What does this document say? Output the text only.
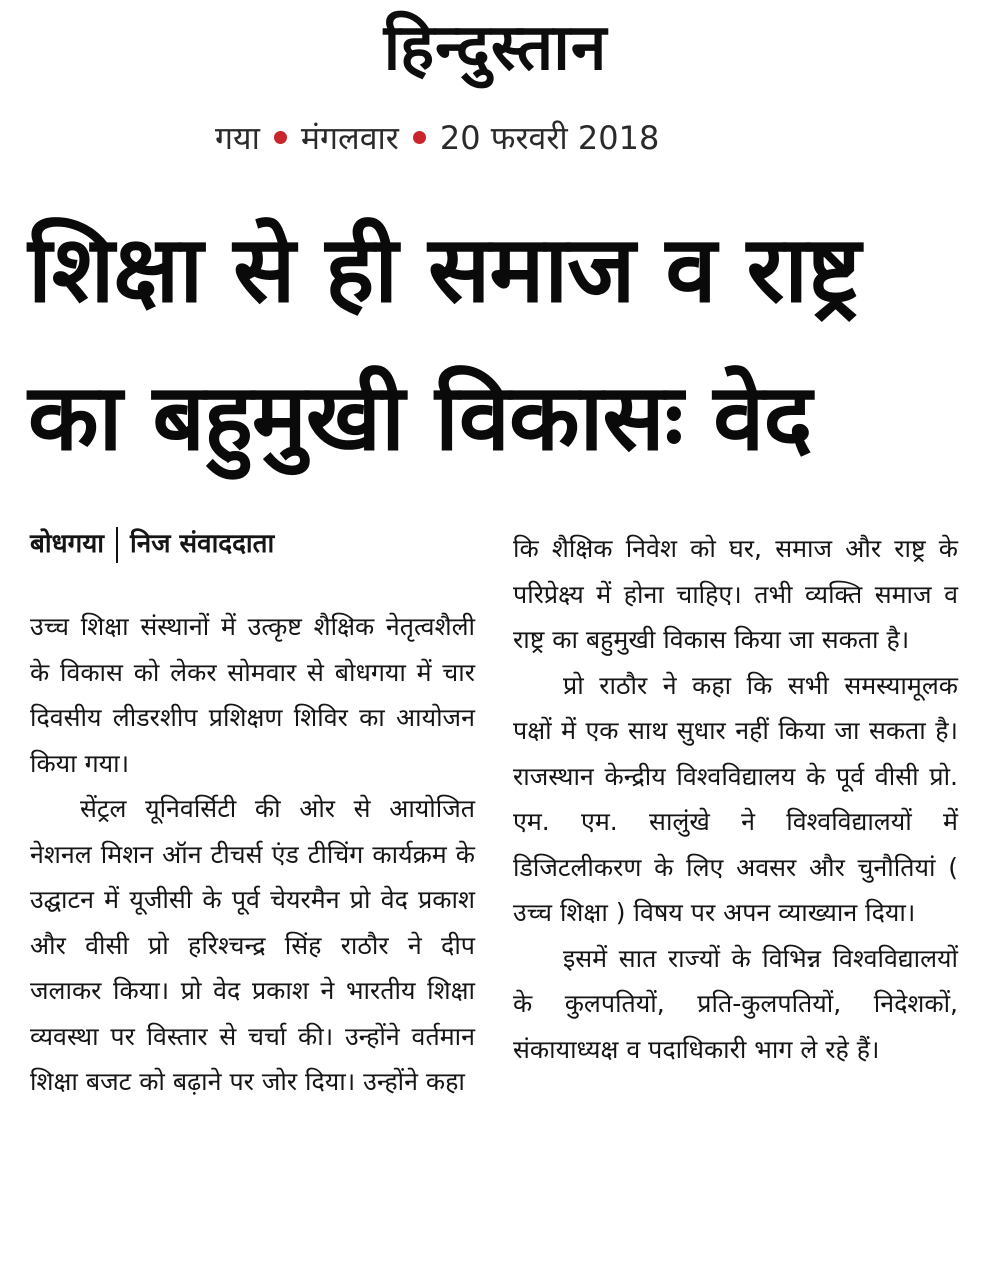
हिन्दुस्तान
गया मंगलवार 20 फरवरी 2018
शिक्षा से ही समाज व राष्ट्र
का बहुमुखी विकासः वेद
बोधगया निज संवाददाता

उच्च शिक्षा संस्थानों में उत्कृष्ट शैक्षिक नेतृत्वशैली के विकास को लेकर सोमवार से बोधगया में चार दिवसीय लीडरशीप प्रशिक्षण शिविर का आयोजन किया गया।

सेंट्रल यूनिवर्सिटी की ओर से आयोजित नेशनल मिशन ऑन टीचर्स एंड टीचिंग कार्यक्रम के उद्घाटन में यूजीसी के पूर्व चेयरमैन प्रो वेद प्रकाश और वीसी प्रो हरिश्चन्द्र सिंह राठौर ने दीप जलाकर किया। प्रो वेद प्रकाश ने भारतीय शिक्षा व्यवस्था पर विस्तार से चर्चा की। उन्होंने वर्तमान शिक्षा बजट को बढ़ाने पर जोर दिया। उन्होंने कहा

कि शैक्षिक निवेश को घर, समाज और राष्ट्र के परिप्रेक्ष्य में होना चाहिए। तभी व्यक्ति समाज व राष्ट्र का बहुमुखी विकास किया जा सकता है।

प्रो राठौर ने कहा कि सभी समस्यामूलक पक्षों में एक साथ सुधार नहीं किया जा सकता है। राजस्थान केन्द्रीय विश्वविद्यालय के पूर्व वीसी प्रो. एम. एम. सालुंखे ने विश्वविद्यालयों में डिजिटलीकरण के लिए अवसर और चुनौतियां ( उच्च शिक्षा ) विषय पर अपन व्याख्यान दिया।

इसमें सात राज्यों के विभिन्न विश्वविद्यालयों के कुलपतियों, प्रति-कुलपतियों, निदेशकों, संकायाध्यक्ष व पदाधिकारी भाग ले रहे हैं।
